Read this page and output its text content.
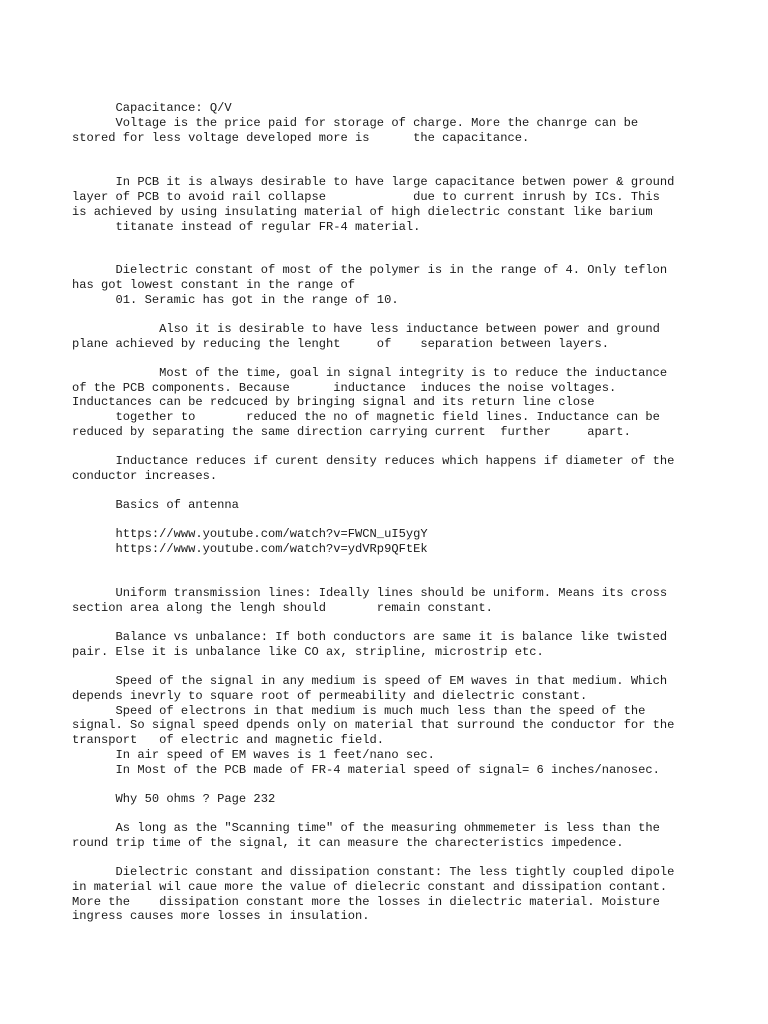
Capacitance: Q/V

Voltage is the price paid for storage of charge. More the chanrge can be

stored for less voltage developed more is      the capacitance.

In PCB it is always desirable to have large capacitance betwen power & ground

layer of PCB to avoid rail collapse            due to current inrush by ICs. This

is achieved by using insulating material of high dielectric constant like barium

titanate instead of regular FR-4 material.

Dielectric constant of most of the polymer is in the range of 4. Only teflon

has got lowest constant in the range of

01. Seramic has got in the range of 10.

Also it is desirable to have less inductance between power and ground

plane achieved by reducing the lenght     of    separation between layers.

Most of the time, goal in signal integrity is to reduce the inductance

of the PCB components. Because      inductance  induces the noise voltages.

Inductances can be redcuced by bringing signal and its return line close

together to       reduced the no of magnetic field lines. Inductance can be

reduced by separating the same direction carrying current  further     apart.

Inductance reduces if curent density reduces which happens if diameter of the

conductor increases.

Basics of antenna

https://www.youtube.com/watch?v=FWCN_uI5ygY

https://www.youtube.com/watch?v=ydVRp9QFtEk

Uniform transmission lines: Ideally lines should be uniform. Means its cross

section area along the lengh should       remain constant.

Balance vs unbalance: If both conductors are same it is balance like twisted

pair. Else it is unbalance like CO ax, stripline, microstrip etc.

Speed of the signal in any medium is speed of EM waves in that medium. Which

depends inevrly to square root of permeability and dielectric constant.

Speed of electrons in that medium is much much less than the speed of the

signal. So signal speed dpends only on material that surround the conductor for the

transport   of electric and magnetic field.

In air speed of EM waves is 1 feet/nano sec.

In Most of the PCB made of FR-4 material speed of signal= 6 inches/nanosec.

Why 50 ohms ? Page 232

As long as the "Scanning time" of the measuring ohmmemeter is less than the

round trip time of the signal, it can measure the charecteristics impedence.

Dielectric constant and dissipation constant: The less tightly coupled dipole

in material wil caue more the value of dielecric constant and dissipation contant.

More the    dissipation constant more the losses in dielectric material. Moisture

ingress causes more losses in insulation.
